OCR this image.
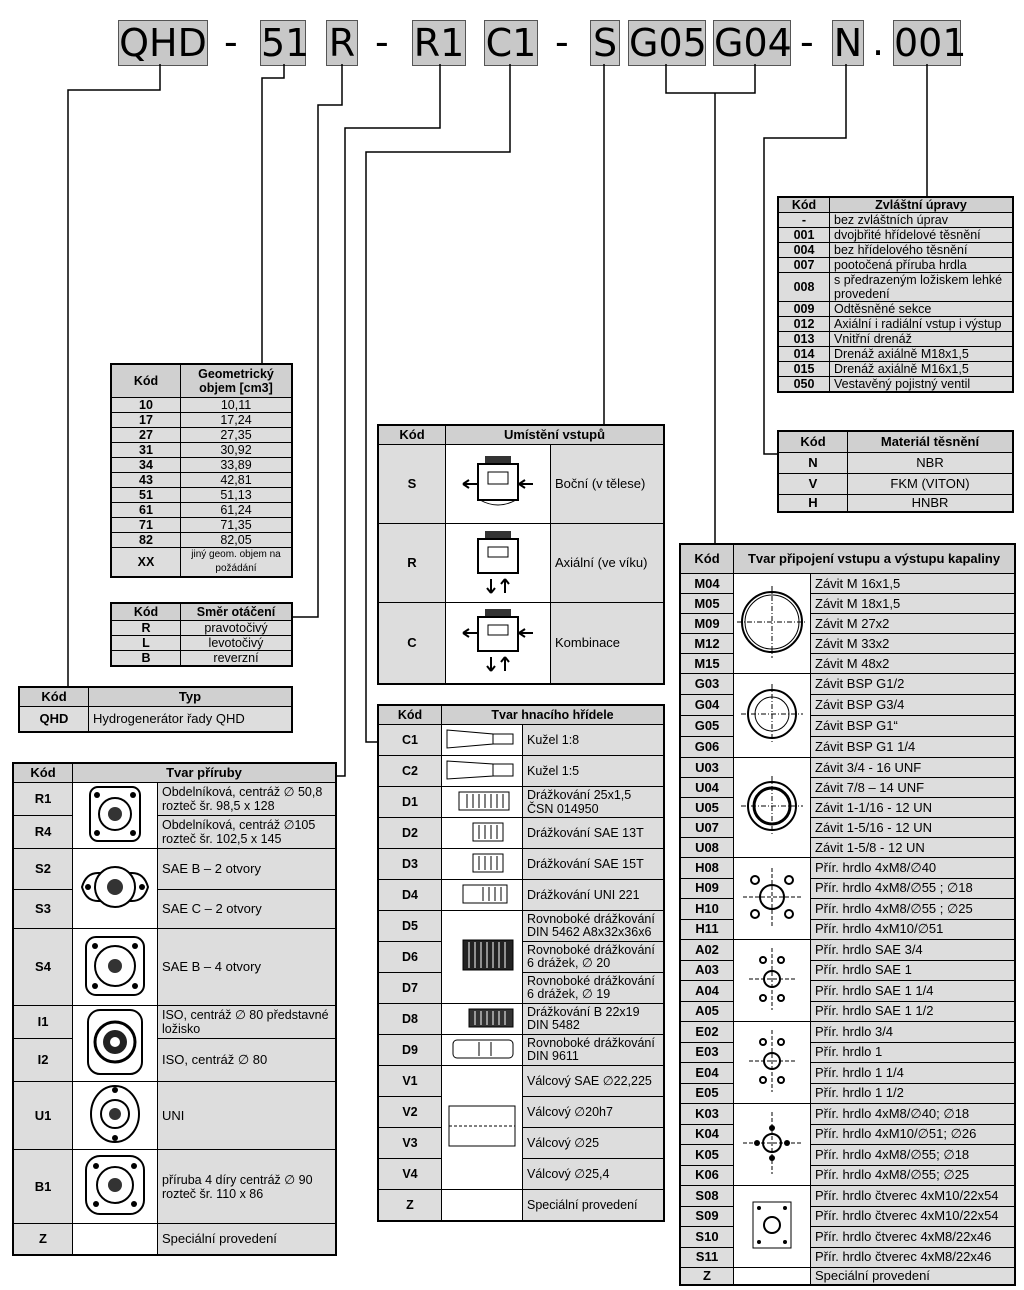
QHD - 51 R - R1 C1 - S G05 G04 - N . 001
Kód	Zvláštní úpravy
-	bez zvláštních úprav
001	dvojbřité hřídelové těsnění
004	bez hřídelového těsnění
007	pootočená příruba hrdla
008	s předrazeným ložiskem lehké provedení
009	Odtěsněné sekce
012	Axiální i radiální vstup i výstup
013	Vnitřní drenáž
014	Drenáž axiálně M18x1,5
015	Drenáž axiálně M16x1,5
050	Vestavěný pojistný ventil
Kód	Materiál těsnění
N	NBR
V	FKM (VITON)
H	HNBR
Kód	Geometrický objem [cm3]
10	10,11
17	17,24
27	27,35
31	30,92
34	33,89
43	42,81
51	51,13
61	61,24
71	71,35
82	82,05
XX	jiný geom. objem na požádání
Kód	Směr otáčení
R	pravotočivý
L	levotočivý
B	reverzní
Kód	Typ
QHD	Hydrogenerátor řady QHD
Kód	Umístění vstupů	
S		Boční (v tělese)
R		Axiální (ve víku)
C		Kombinace
Kód	Tvar příruby	
R1		Obdelníková, centráž ∅ 50,8 rozteč šr. 98,5 x 128
R4		Obdelníková, centráž ∅105 rozteč šr. 102,5 x 145
S2		SAE B – 2 otvory
S3		SAE C – 2 otvory
S4		SAE B – 4 otvory
I1		ISO, centráž ∅ 80 představné ložisko
I2		ISO, centráž ∅ 80
U1		UNI
B1		příruba 4 díry centráž ∅ 90 rozteč šr. 110 x 86
Z		Speciální provedení
Kód	Tvar hnacího hřídele	
C1		Kužel 1:8
C2		Kužel 1:5
D1		Drážkování 25x1,5 ČSN 014950
D2		Drážkování SAE 13T
D3		Drážkování SAE 15T
D4		Drážkování UNI 221
D5		Rovnoboké drážkování DIN 5462 A8x32x36x6
D6		Rovnoboké drážkování 6 drážek, ∅ 20
D7		Rovnoboké drážkování 6 drážek, ∅ 19
D8		Drážkování B 22x19 DIN 5482
D9		Rovnoboké drážkování DIN 9611
V1		Válcový SAE ∅22,225
V2		Válcový ∅20h7
V3		Válcový ∅25
V4		Válcový ∅25,4
Z		Speciální provedení
Kód	Tvar připojení vstupu a výstupu kapaliny	
M04		Závit M 16x1,5
M05		Závit M 18x1,5
M09		Závit M 27x2
M12		Závit M 33x2
M15		Závit M 48x2
G03		Závit BSP G1/2
G04		Závit BSP G3/4
G05		Závit BSP G1“
G06		Závit BSP G1 1/4
U03		Závit 3/4 - 16 UNF
U04		Závit 7/8 – 14 UNF
U05		Závit 1-1/16 - 12 UN
U07		Závit 1-5/16 - 12 UN
U08		Závit 1-5/8 - 12 UN
H08		Přír. hrdlo 4xM8/∅40
H09		Přír. hrdlo 4xM8/∅55 ; ∅18
H10		Přír. hrdlo 4xM8/∅55 ; ∅25
H11		Přír. hrdlo 4xM10/∅51
A02		Přír. hrdlo SAE 3/4
A03		Přír. hrdlo SAE 1
A04		Přír. hrdlo SAE 1 1/4
A05		Přír. hrdlo SAE 1 1/2
E02		Přír. hrdlo 3/4
E03		Přír. hrdlo 1
E04		Přír. hrdlo 1 1/4
E05		Přír. hrdlo 1 1/2
K03		Přír. hrdlo 4xM8/∅40; ∅18
K04		Přír. hrdlo 4xM10/∅51; ∅26
K05		Přír. hrdlo 4xM8/∅55; ∅18
K06		Přír. hrdlo 4xM8/∅55; ∅25
S08		Přír. hrdlo čtverec 4xM10/22x54
S09		Přír. hrdlo čtverec 4xM10/22x54
S10		Přír. hrdlo čtverec 4xM8/22x46
S11		Přír. hrdlo čtverec 4xM8/22x46
Z		Speciální provedení
